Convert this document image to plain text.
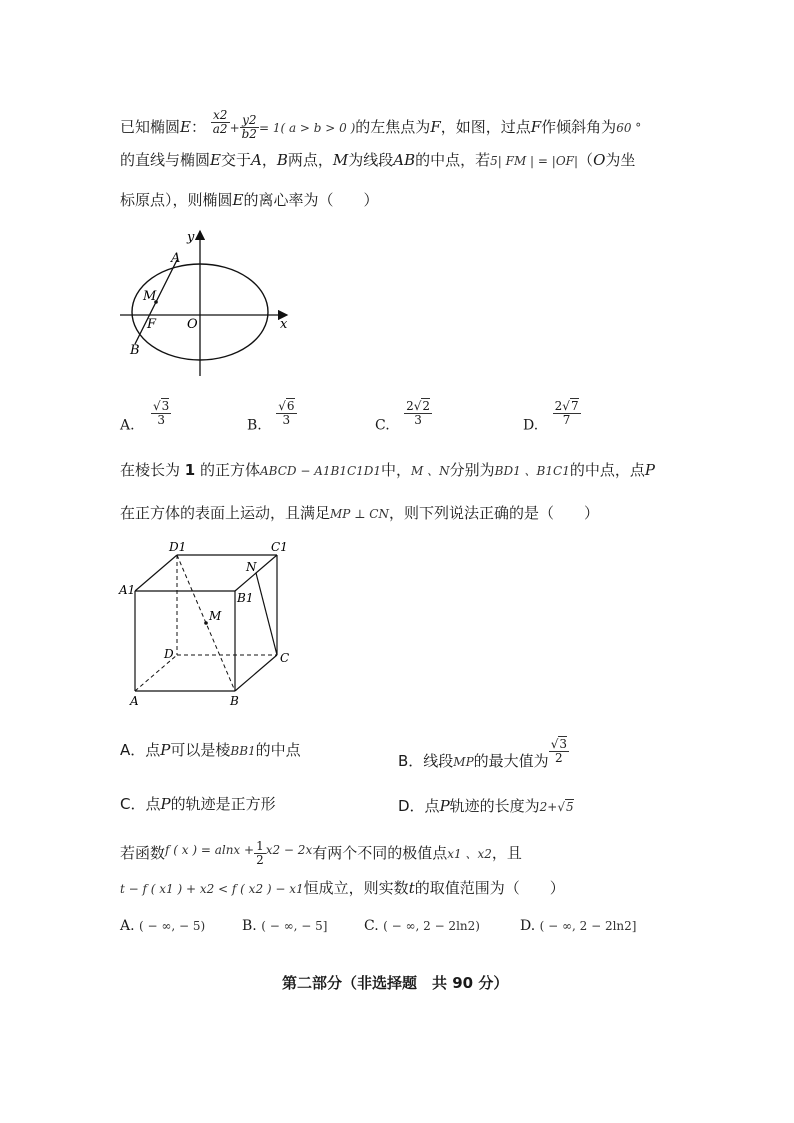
已知椭圆E： $\frac{x2}{a2} + \frac{y2}{b2} = 1$( a > b > 0 )的左焦点为F，如图，过点F作倾斜角为60 °
的直线与椭圆E交于A，B两点，M为线段AB的中点，若5| FM | = |OF|（O为坐
标原点），则椭圆E的离心率为（　　）
y
A
M
F O	x
B
A. $\frac{√3}{3}$	B. $\frac{√6}{3}$	C. $\frac{2√2}{3}$	D. $\frac{2√7}{7}$
在棱长为 1 的正方体ABCD − A1B1C1D1中，M 、N分别为BD1 、B1C1的中点，点P
在正方体的表面上运动，且满足MP ⊥ CN，则下列说法正确的是（　　）
D1	C1
N
A1
B1
M
D	C
A	B
A．点P可以是棱BB1的中点
B．线段$_{MP}$的最大值为 $\frac{√3}{2}$
C．点P的轨迹是正方形	D．点P轨迹的长度为2+√5
若函数$^{f ( x ) = alnx +} \frac{1}{2} ^{x2 - 2x}$有两个不同的极值点x1 、x2，且
t − f ( x1 ) + x2 < f ( x2 ) − x1恒成立，则实数t的取值范围为（　　）
A. ( − ∞, − 5)	B. ( − ∞, − 5]	C. ( − ∞, 2 − 2ln2)	D. ( − ∞, 2 − 2ln2]
第二部分（非选择题　共 90 分）
